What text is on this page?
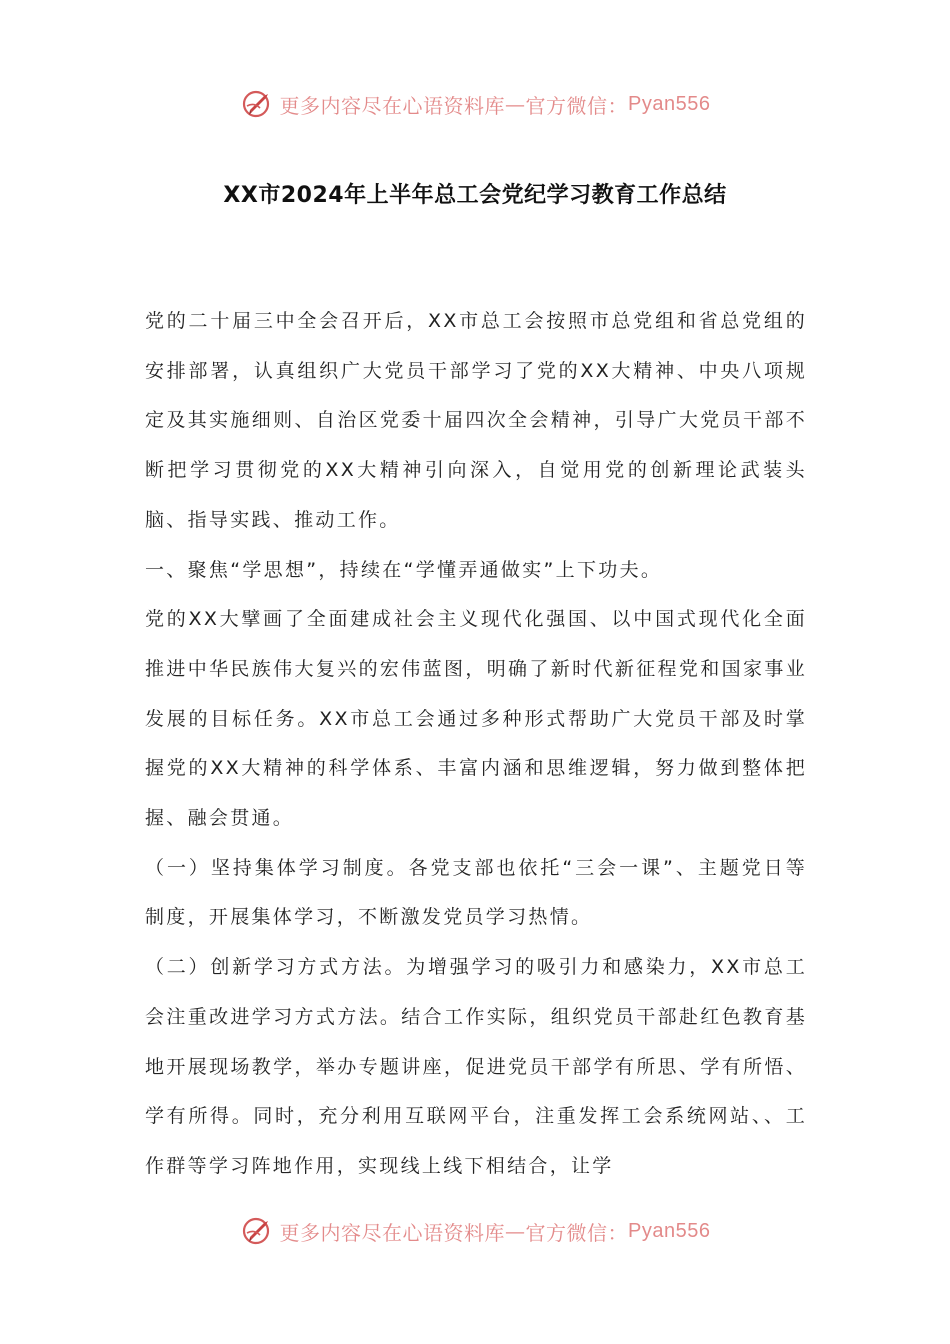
更多内容尽在心语资料库 — 官方微信： Pyan556
XX市2024年上半年总工会党纪学习教育工作总结

党的二十届三中全会召开后，XX市总工会按照市总党组和省总党组的安排部署，认真组织广大党员干部学习了党的XX大精神、中央八项规定及其实施细则、自治区党委十届四次全会精神，引导广大党员干部不断把学习贯彻党的XX大精神引向深入，自觉用党的创新理论武装头脑、指导实践、推动工作。

一、聚焦“学思想”，持续在“学懂弄通做实”上下功夫。

党的XX大擘画了全面建成社会主义现代化强国、以中国式现代化全面推进中华民族伟大复兴的宏伟蓝图，明确了新时代新征程党和国家事业发展的目标任务。XX市总工会通过多种形式帮助广大党员干部及时掌握党的XX大精神的科学体系、丰富内涵和思维逻辑，努力做到整体把握、融会贯通。

（一）坚持集体学习制度。各党支部也依托“三会一课”、主题党日等制度，开展集体学习，不断激发党员学习热情。

（二）创新学习方式方法。为增强学习的吸引力和感染力，XX市总工会注重改进学习方式方法。结合工作实际，组织党员干部赴红色教育基地开展现场教学，举办专题讲座，促进党员干部学有所思、学有所悟、学有所得。同时，充分利用互联网平台，注重发挥工会系统网站、、工作群等学习阵地作用，实现线上线下相结合，让学

更多内容尽在心语资料库 — 官方微信： Pyan556
